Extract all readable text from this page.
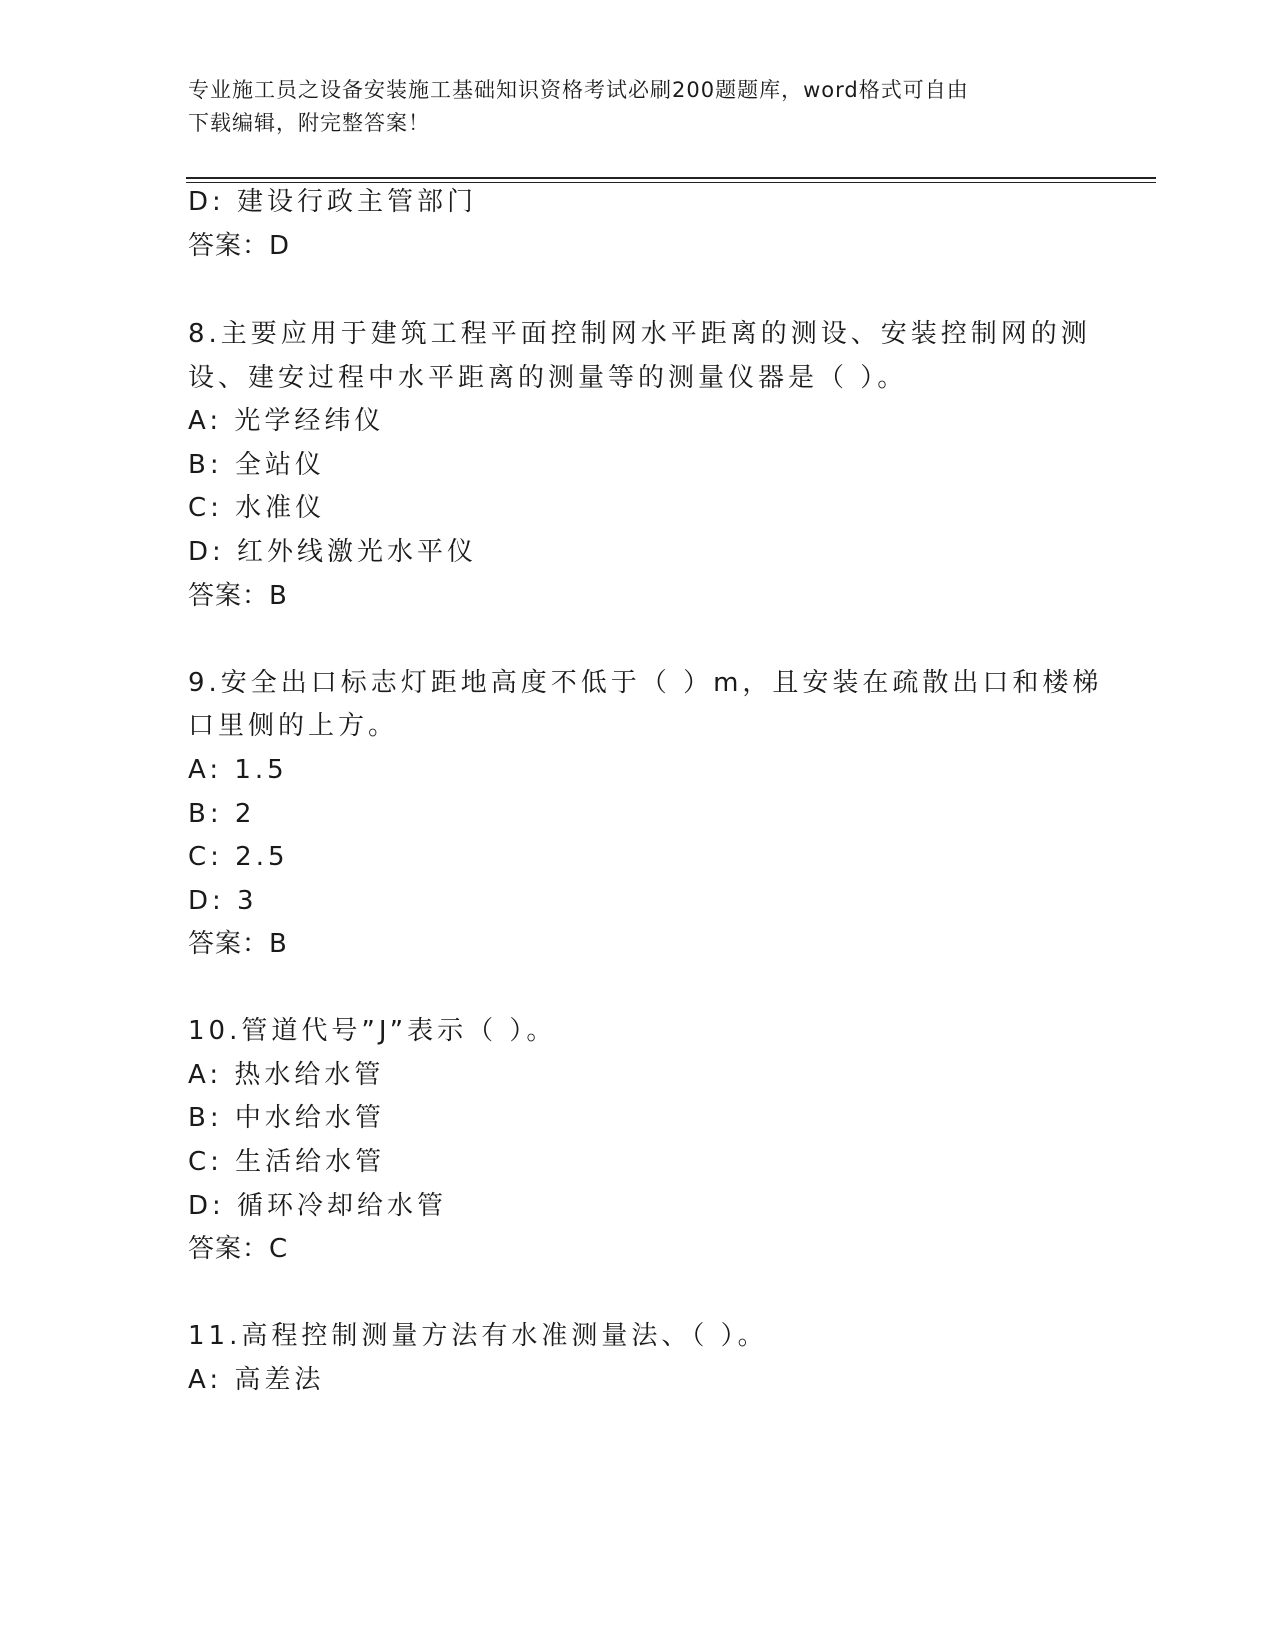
专业施工员之设备安装施工基础知识资格考试必刷200题题库，word格式可自由
下载编辑，附完整答案！
D: 建设行政主管部门
答案：D
8.主要应用于建筑工程平面控制网水平距离的测设、安装控制网的测
设、建安过程中水平距离的测量等的测量仪器是（ ）。
A: 光学经纬仪
B: 全站仪
C: 水准仪
D: 红外线激光水平仪
答案：B
9.安全出口标志灯距地高度不低于（ ）m，且安装在疏散出口和楼梯
口里侧的上方。
A: 1.5
B: 2
C: 2.5
D: 3
答案：B
10.管道代号”J”表示（ ）。
A: 热水给水管
B: 中水给水管
C: 生活给水管
D: 循环冷却给水管
答案：C
11.高程控制测量方法有水准测量法、（ ）。
A: 高差法
